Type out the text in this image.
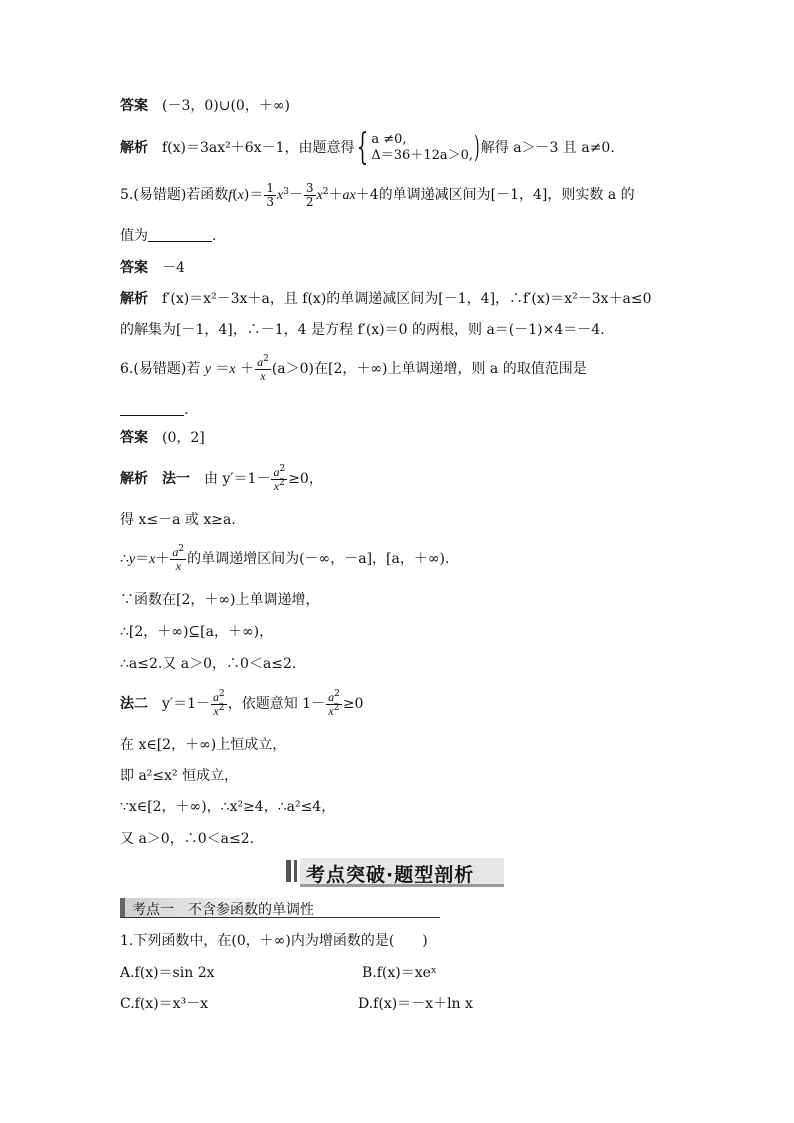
答案 (－3，0)∪(0，＋∞)
解析 f(x)＝3ax²＋6x－1，由题意得{ a ≠0,
Δ＝36＋12a＞0, )解得 a＞－3 且 a≠0.
5.(易错题)若函数$f(x)= \frac{1}{3} x^3- \frac{3}{2} x^2+ax+4$的单调递减区间为[－1，4]，则实数 a 的
值为	.
答案 －4
解析 f′(x)＝x²－3x＋a，且 f(x)的单调递减区间为[－1，4]，∴f′(x)＝x²－3x＋a≤0
的解集为[－1，4]，∴－1，4 是方程 f′(x)＝0 的两根，则 a＝(－1)×4＝－4.
6.(易错题)若 $y =x + \frac{a^2}{x} (a>0)$在[2，＋∞)上单调递增，则 a 的取值范围是
.
答案 (0，2]
解析 法一 由 $y'=1- \frac{a^2}{x^2} \ge 0$，
得 x≤－a 或 x≥a.
∴y＝x＋ $\frac{a^2}{x}$ 的单调递增区间为(－∞，－a]，[a，＋∞).
∵函数在[2，＋∞)上单调递增，
∴[2，＋∞)⊆[a，＋∞)，
∴a≤2.又 a＞0，∴0＜a≤2.
法二 $y'=1- \frac{a^2}{x^2}$ ，依题意知 $1- \frac{a^2}{x^2} \ge 0$
在 x∈[2，＋∞)上恒成立，
即 a²≤x² 恒成立，
∵x∈[2，＋∞)，∴x²≥4，∴a²≤4，
又 a＞0，∴0＜a≤2.
考点突破·题型剖析
考点一　不含参函数的单调性
1.下列函数中，在(0，＋∞)内为增函数的是(　　)
A.f(x)＝sin 2x	B.f(x)＝xeˣ
C.f(x)＝x³－x	D.f(x)＝－x＋ln x
